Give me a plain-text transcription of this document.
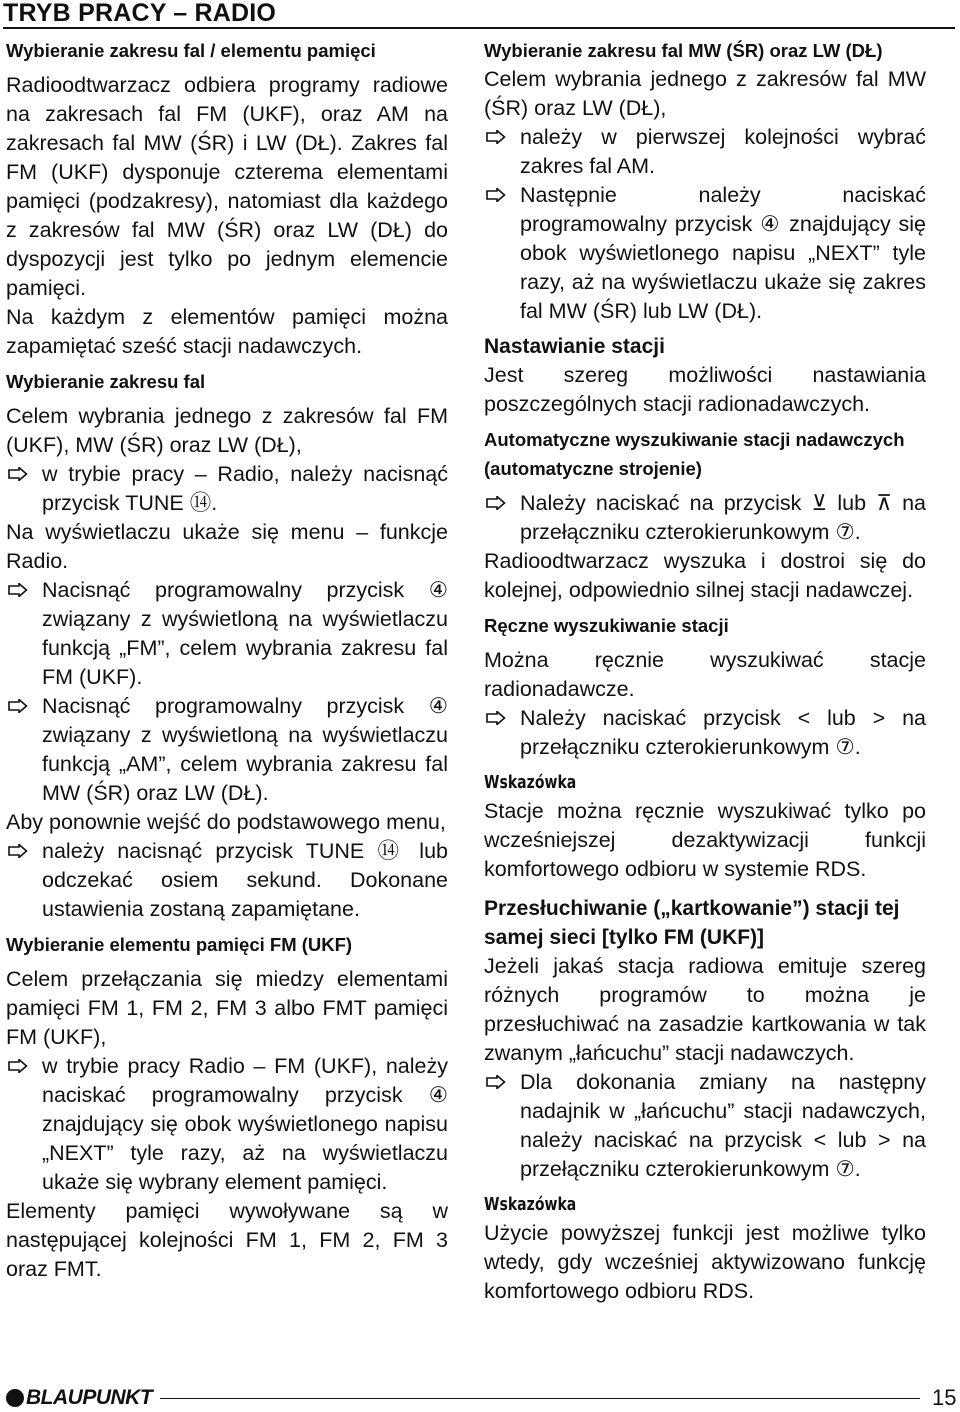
TRYB PRACY – RADIO
Wybieranie zakresu fal / elementu pamięci

Radioodtwarzacz odbiera programy radiowe na zakresach fal FM (UKF), oraz AM na zakresach fal MW (ŚR) i LW (DŁ). Zakres fal FM (UKF) dysponuje czterema elementami pamięci (podzakresy), natomiast dla każdego z zakresów fal MW (ŚR) oraz LW (DŁ) do dyspozycji jest tylko po jednym elemencie pamięci.

Na każdym z elementów pamięci można zapamiętać sześć stacji nadawczych.

Wybieranie zakresu fal

Celem wybrania jednego z zakresów fal FM (UKF), MW (ŚR) oraz LW (DŁ),

w trybie pracy – Radio, należy nacisnąć przycisk TUNE ⑭.

Na wyświetlaczu ukaże się menu – funkcje Radio.

Nacisnąć programowalny przycisk ④ związany z wyświetloną na wyświetlaczu funkcją „FM”, celem wybrania zakresu fal FM (UKF).
Nacisnąć programowalny przycisk ④ związany z wyświetloną na wyświetlaczu funkcją „AM”, celem wybrania zakresu fal MW (ŚR) oraz LW (DŁ).

Aby ponownie wejść do podstawowego menu,

należy nacisnąć przycisk TUNE ⑭ lub odczekać osiem sekund. Dokonane ustawienia zostaną zapamiętane.
Wybieranie elementu pamięci FM (UKF)

Celem przełączania się miedzy elementami pamięci FM 1, FM 2, FM 3 albo FMT pamięci FM (UKF),

w trybie pracy Radio – FM (UKF), należy naciskać programowalny przycisk ④ znajdujący się obok wyświetlonego napisu „NEXT” tyle razy, aż na wyświetlaczu ukaże się wybrany element pamięci.

Elementy pamięci wywoływane są w następującej kolejności FM 1, FM 2, FM 3 oraz FMT.

Wybieranie zakresu fal MW (ŚR) oraz LW (DŁ)

Celem wybrania jednego z zakresów fal MW (ŚR) oraz LW (DŁ),

należy w pierwszej kolejności wybrać zakres fal AM.
Następnie należy naciskać programowalny przycisk ④ znajdujący się obok wyświetlonego napisu „NEXT” tyle razy, aż na wyświetlaczu ukaże się zakres fal MW (ŚR) lub LW (DŁ).
Nastawianie stacji

Jest szereg możliwości nastawiania poszczególnych stacji radionadawczych.

Automatyczne wyszukiwanie stacji nadawczych (automatyczne strojenie)
Należy naciskać na przycisk ⊻ lub ⊼ na przełączniku czterokierunkowym ⑦.

Radioodtwarzacz wyszuka i dostroi się do kolejnej, odpowiednio silnej stacji nadawczej.

Ręczne wyszukiwanie stacji

Można ręcznie wyszukiwać stacje radionadawcze.

Należy naciskać przycisk < lub > na przełączniku czterokierunkowym ⑦.
Wskazówka

Stacje można ręcznie wyszukiwać tylko po wcześniejszej dezaktywizacji funkcji komfortowego odbioru w systemie RDS.

Przesłuchiwanie („kartkowanie”) stacji tej samej sieci [tylko FM (UKF)]

Jeżeli jakaś stacja radiowa emituje szereg różnych programów to można je przesłuchiwać na zasadzie kartkowania w tak zwanym „łańcuchu” stacji nadawczych.

Dla dokonania zmiany na następny nadajnik w „łańcuchu” stacji nadawczych, należy naciskać na przycisk < lub > na przełączniku czterokierunkowym ⑦.
Wskazówka

Użycie powyższej funkcji jest możliwe tylko wtedy, gdy wcześniej aktywizowano funkcję komfortowego odbioru RDS.

BLAUPUNKT	15
